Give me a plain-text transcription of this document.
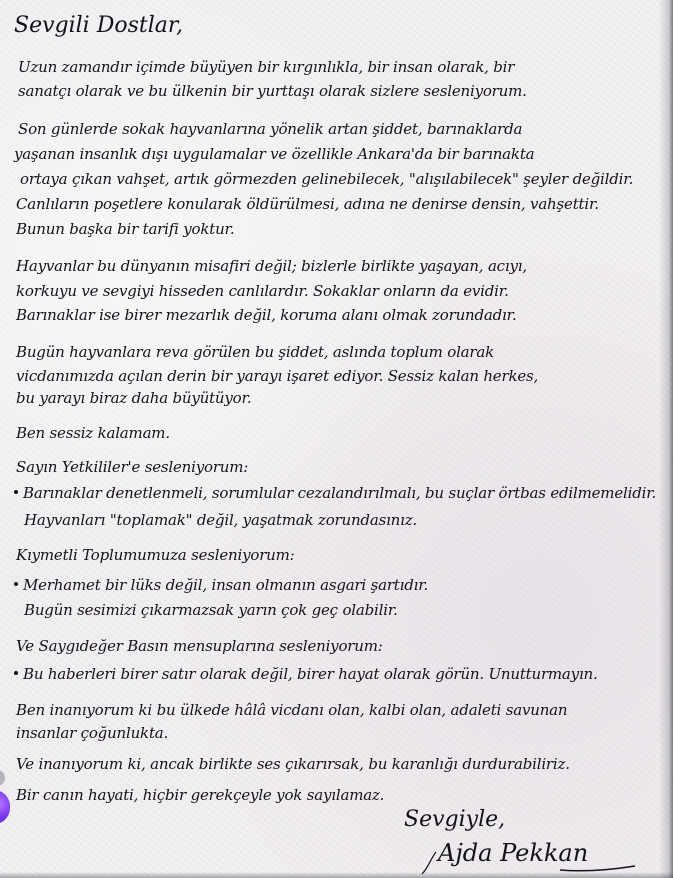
Sevgili Dostlar,
Uzun zamandır içimde büyüyen bir kırgınlıkla, bir insan olarak, bir
sanatçı olarak ve bu ülkenin bir yurttaşı olarak sizlere sesleniyorum.
Son günlerde sokak hayvanlarına yönelik artan şiddet, barınaklarda
yaşanan insanlık dışı uygulamalar ve özellikle Ankara'da bir barınakta
ortaya çıkan vahşet, artık görmezden gelinebilecek, "alışılabilecek" şeyler değildir.
Canlıların poşetlere konularak öldürülmesi, adına ne denirse densin, vahşettir.
Bunun başka bir tarifi yoktur.
Hayvanlar bu dünyanın misafiri değil; bizlerle birlikte yaşayan, acıyı,
korkuyu ve sevgiyi hisseden canlılardır. Sokaklar onların da evidir.
Barınaklar ise birer mezarlık değil, koruma alanı olmak zorundadır.
Bugün hayvanlara reva görülen bu şiddet, aslında toplum olarak
vicdanımızda açılan derin bir yarayı işaret ediyor. Sessiz kalan herkes,
bu yarayı biraz daha büyütüyor.
Ben sessiz kalamam.
Sayın Yetkililer'e sesleniyorum:
Barınaklar denetlenmeli, sorumlular cezalandırılmalı, bu suçlar örtbas edilmemelidir.
Hayvanları "toplamak" değil, yaşatmak zorundasınız.
Kıymetli Toplumumuza sesleniyorum:
Merhamet bir lüks değil, insan olmanın asgari şartıdır.
Bugün sesimizi çıkarmazsak yarın çok geç olabilir.
Ve Saygıdeğer Basın mensuplarına sesleniyorum:
Bu haberleri birer satır olarak değil, birer hayat olarak görün. Unutturmayın.
Ben inanıyorum ki bu ülkede hâlâ vicdanı olan, kalbi olan, adaleti savunan
insanlar çoğunlukta.
Ve inanıyorum ki, ancak birlikte ses çıkarırsak, bu karanlığı durdurabiliriz.
Bir canın hayati, hiçbir gerekçeyle yok sayılamaz.
Sevgiyle,
Ajda Pekkan
